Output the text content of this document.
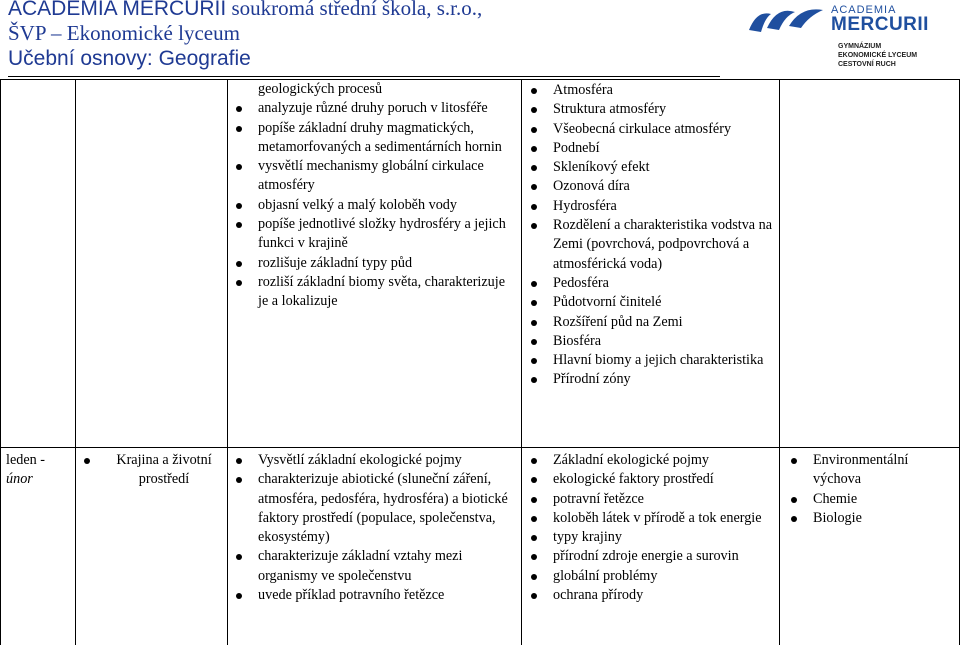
ACADEMIA MERCURII soukromá střední škola, s.r.o.,
ŠVP – Ekonomické lyceum
Učební osnovy: Geografie
ACADEMIA
MERCURII
GYMNÁZIUM
EKONOMICKÉ LYCEUM
CESTOVNÍ RUCH
geologických procesů
analyzuje různé druhy poruch v litosféře
popíše základní druhy magmatických, metamorfovaných a sedimentárních hornin
vysvětlí mechanismy globální cirkulace atmosféry
objasní velký a malý koloběh vody
popíše jednotlivé složky hydrosféry a jejich funkci v krajině
rozlišuje základní typy půd
rozliší základní biomy světa, charakterizuje je a lokalizuje
Atmosféra
Struktura atmosféry
Všeobecná cirkulace atmosféry
Podnebí
Skleníkový efekt
Ozonová díra
Hydrosféra
Rozdělení a charakteristika vodstva na Zemi (povrchová, podpovrchová a atmosférická voda)
Pedosféra
Půdotvorní činitelé
Rozšíření půd na Zemi
Biosféra
Hlavní biomy a jejich charakteristika
Přírodní zóny
leden -
únor
Krajina a životní prostředí
Vysvětlí základní ekologické pojmy
charakterizuje abiotické (sluneční záření, atmosféra, pedosféra, hydrosféra) a biotické faktory prostředí (populace, společenstva, ekosystémy)
charakterizuje základní vztahy mezi organismy ve společenstvu
uvede příklad potravního řetězce
Základní ekologické pojmy
ekologické faktory prostředí
potravní řetězce
koloběh látek v přírodě a tok energie
typy krajiny
přírodní zdroje energie a surovin
globální problémy
ochrana přírody
Environmentální výchova
Chemie
Biologie
